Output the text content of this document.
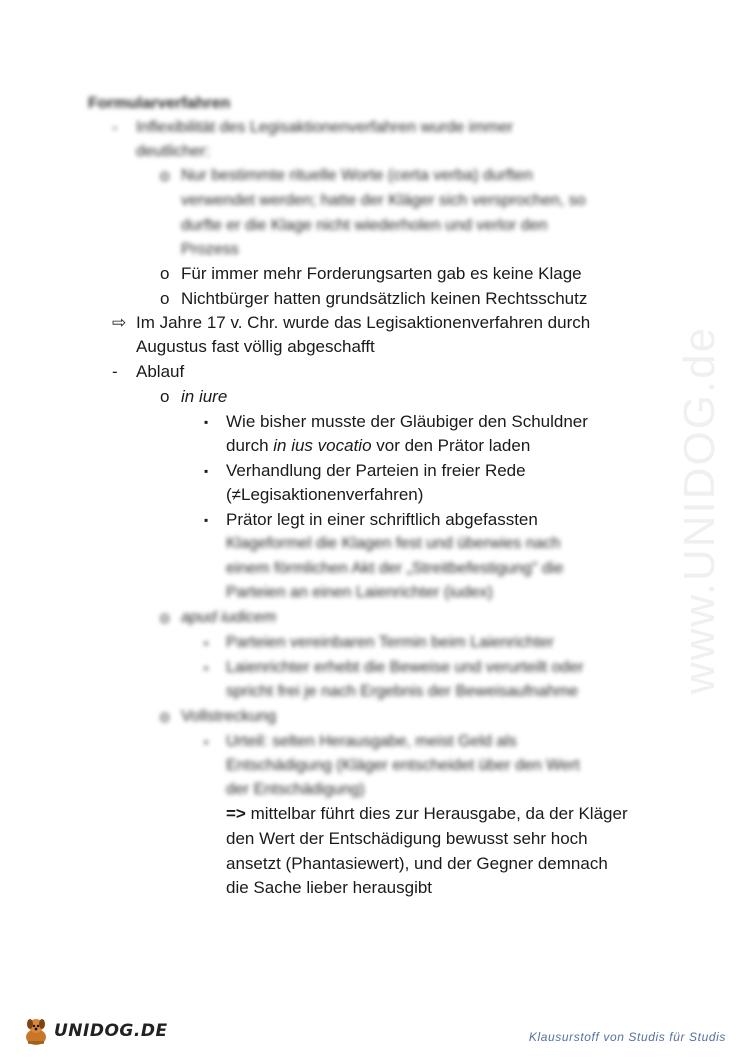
www.UNIDOG.de
Formularverfahren
- Inflexibilität des Legisaktionenverfahren wurde immer
deutlicher:
o Nur bestimmte rituelle Worte (certa verba) durften
verwendet werden; hatte der Kläger sich versprochen, so
durfte er die Klage nicht wiederholen und verlor den
Prozess
o Für immer mehr Forderungsarten gab es keine Klage
o Nichtbürger hatten grundsätzlich keinen Rechtsschutz
⇨ Im Jahre 17 v. Chr. wurde das Legisaktionenverfahren durch
Augustus fast völlig abgeschafft
- Ablauf
o in iure
▪ Wie bisher musste der Gläubiger den Schuldner
durch in ius vocatio vor den Prätor laden
▪ Verhandlung der Parteien in freier Rede
(≠Legisaktionenverfahren)
▪ Prätor legt in einer schriftlich abgefassten
Klageformel die Klagen fest und überwies nach
einem förmlichen Akt der „Streitbefestigung" die
Parteien an einen Laienrichter (iudex)
o apud iudicem
▪ Parteien vereinbaren Termin beim Laienrichter
▪ Laienrichter erhebt die Beweise und verurteilt oder
spricht frei je nach Ergebnis der Beweisaufnahme
o Vollstreckung
▪ Urteil: selten Herausgabe, meist Geld als
Entschädigung (Kläger entscheidet über den Wert
der Entschädigung)
=> mittelbar führt dies zur Herausgabe, da der Kläger
den Wert der Entschädigung bewusst sehr hoch
ansetzt (Phantasiewert), und der Gegner demnach
die Sache lieber herausgibt
UNIDOG.DE	Klausurstoff von Studis für Studis
